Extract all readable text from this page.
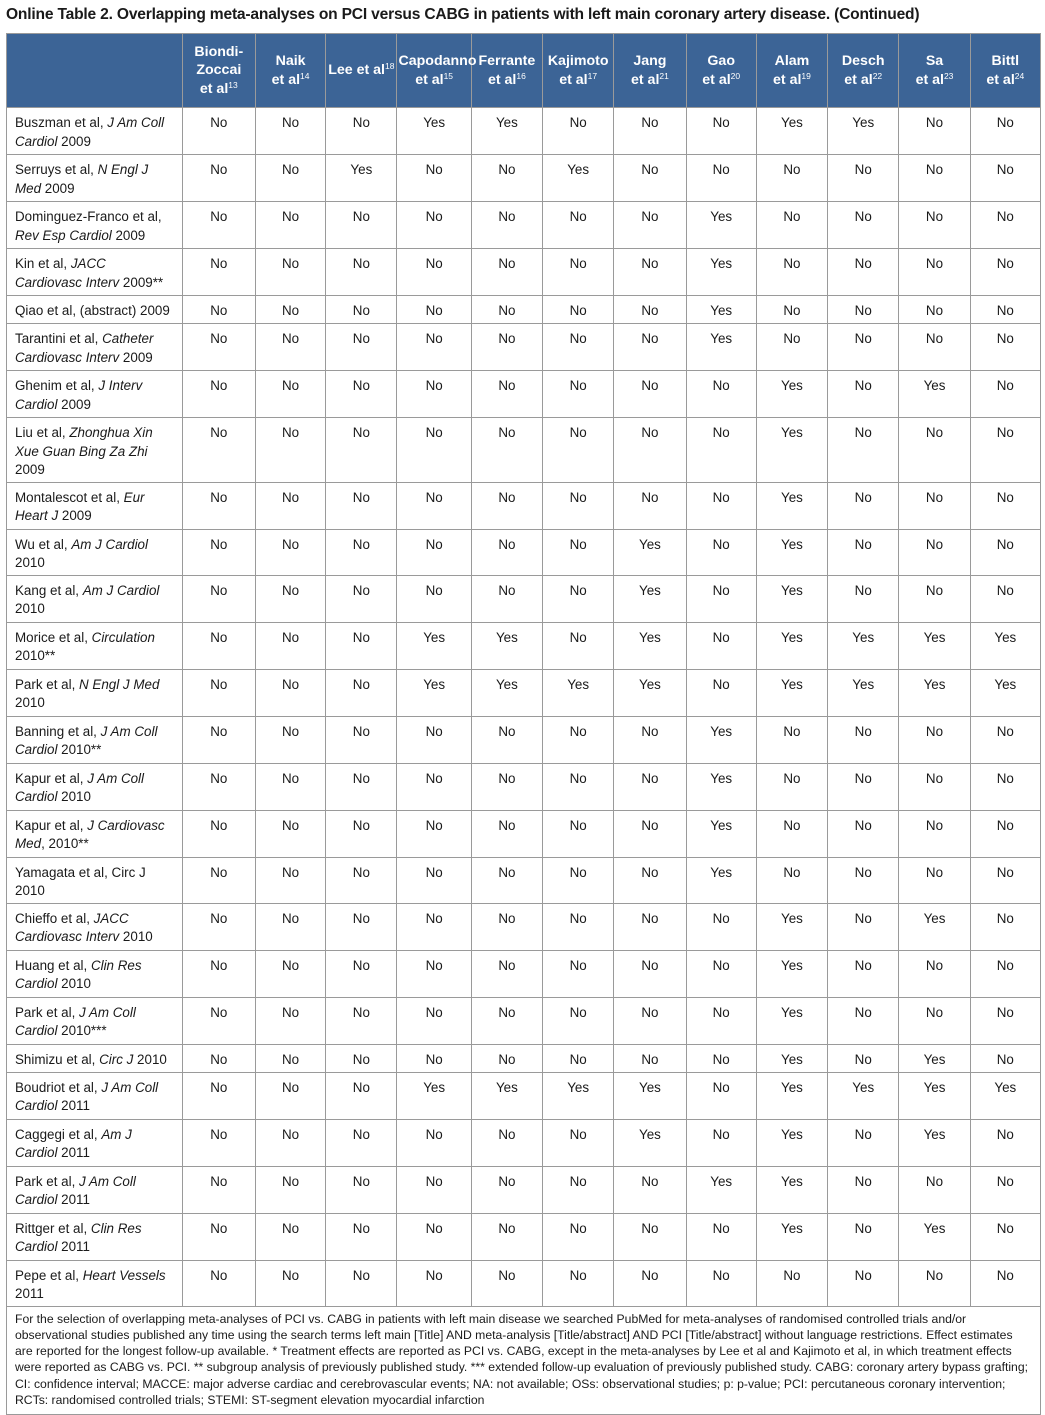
Online Table 2. Overlapping meta-analyses on PCI versus CABG in patients with left main coronary artery disease. (Continued)
	Biondi-
Zoccai
et $al^{13}$	Naik
et $al^{14}$	Lee et $al^{18}$	Capodanno
et $al^{15}$	Ferrante
et $al^{16}$	Kajimoto
et $al^{17}$	Jang
et $al^{21}$	Gao
et $al^{20}$	Alam
et $al^{19}$	Desch
et $al^{22}$	Sa
et $al^{23}$	Bittl
et $al^{24}$
Buszman et al, J Am Coll Cardiol 2009	No	No	No	Yes	Yes	No	No	No	Yes	Yes	No	No
Serruys et al, N Engl J Med 2009	No	No	Yes	No	No	Yes	No	No	No	No	No	No
Dominguez-Franco et al, Rev Esp Cardiol 2009	No	No	No	No	No	No	No	Yes	No	No	No	No
Kin et al, JACC Cardiovasc Interv 2009**	No	No	No	No	No	No	No	Yes	No	No	No	No
Qiao et al, (abstract) 2009	No	No	No	No	No	No	No	Yes	No	No	No	No
Tarantini et al, Catheter Cardiovasc Interv 2009	No	No	No	No	No	No	No	Yes	No	No	No	No
Ghenim et al, J Interv Cardiol 2009	No	No	No	No	No	No	No	No	Yes	No	Yes	No
Liu et al, Zhonghua Xin Xue Guan Bing Za Zhi 2009	No	No	No	No	No	No	No	No	Yes	No	No	No
Montalescot et al, Eur Heart J 2009	No	No	No	No	No	No	No	No	Yes	No	No	No
Wu et al, Am J Cardiol 2010	No	No	No	No	No	No	Yes	No	Yes	No	No	No
Kang et al, Am J Cardiol 2010	No	No	No	No	No	No	Yes	No	Yes	No	No	No
Morice et al, Circulation 2010**	No	No	No	Yes	Yes	No	Yes	No	Yes	Yes	Yes	Yes
Park et al, N Engl J Med 2010	No	No	No	Yes	Yes	Yes	Yes	No	Yes	Yes	Yes	Yes
Banning et al, J Am Coll Cardiol 2010**	No	No	No	No	No	No	No	Yes	No	No	No	No
Kapur et al, J Am Coll Cardiol 2010	No	No	No	No	No	No	No	Yes	No	No	No	No
Kapur et al, J Cardiovasc Med, 2010**	No	No	No	No	No	No	No	Yes	No	No	No	No
Yamagata et al, Circ J 2010	No	No	No	No	No	No	No	Yes	No	No	No	No
Chieffo et al, JACC Cardiovasc Interv 2010	No	No	No	No	No	No	No	No	Yes	No	Yes	No
Huang et al, Clin Res Cardiol 2010	No	No	No	No	No	No	No	No	Yes	No	No	No
Park et al, J Am Coll Cardiol 2010***	No	No	No	No	No	No	No	No	Yes	No	No	No
Shimizu et al, Circ J 2010	No	No	No	No	No	No	No	No	Yes	No	Yes	No
Boudriot et al, J Am Coll Cardiol 2011	No	No	No	Yes	Yes	Yes	Yes	No	Yes	Yes	Yes	Yes
Caggegi et al, Am J Cardiol 2011	No	No	No	No	No	No	Yes	No	Yes	No	Yes	No
Park et al, J Am Coll Cardiol 2011	No	No	No	No	No	No	No	Yes	Yes	No	No	No
Rittger et al, Clin Res Cardiol 2011	No	No	No	No	No	No	No	No	Yes	No	Yes	No
Pepe et al, Heart Vessels 2011	No	No	No	No	No	No	No	No	No	No	No	No
For the selection of overlapping meta-analyses of PCI vs. CABG in patients with left main disease we searched PubMed for meta-analyses of randomised controlled trials and/or observational studies published any time using the search terms left main [Title] AND meta-analysis [Title/abstract] AND PCI [Title/abstract] without language restrictions. Effect estimates are reported for the longest follow-up available. * Treatment effects are reported as PCI vs. CABG, except in the meta-analyses by Lee et al and Kajimoto et al, in which treatment effects were reported as CABG vs. PCI. ** subgroup analysis of previously published study. *** extended follow-up evaluation of previously published study. CABG: coronary artery bypass grafting; CI: confidence interval; MACCE: major adverse cardiac and cerebrovascular events; NA: not available; OSs: observational studies; p: p-value; PCI: percutaneous coronary intervention; RCTs: randomised controlled trials; STEMI: ST-segment elevation myocardial infarction												
